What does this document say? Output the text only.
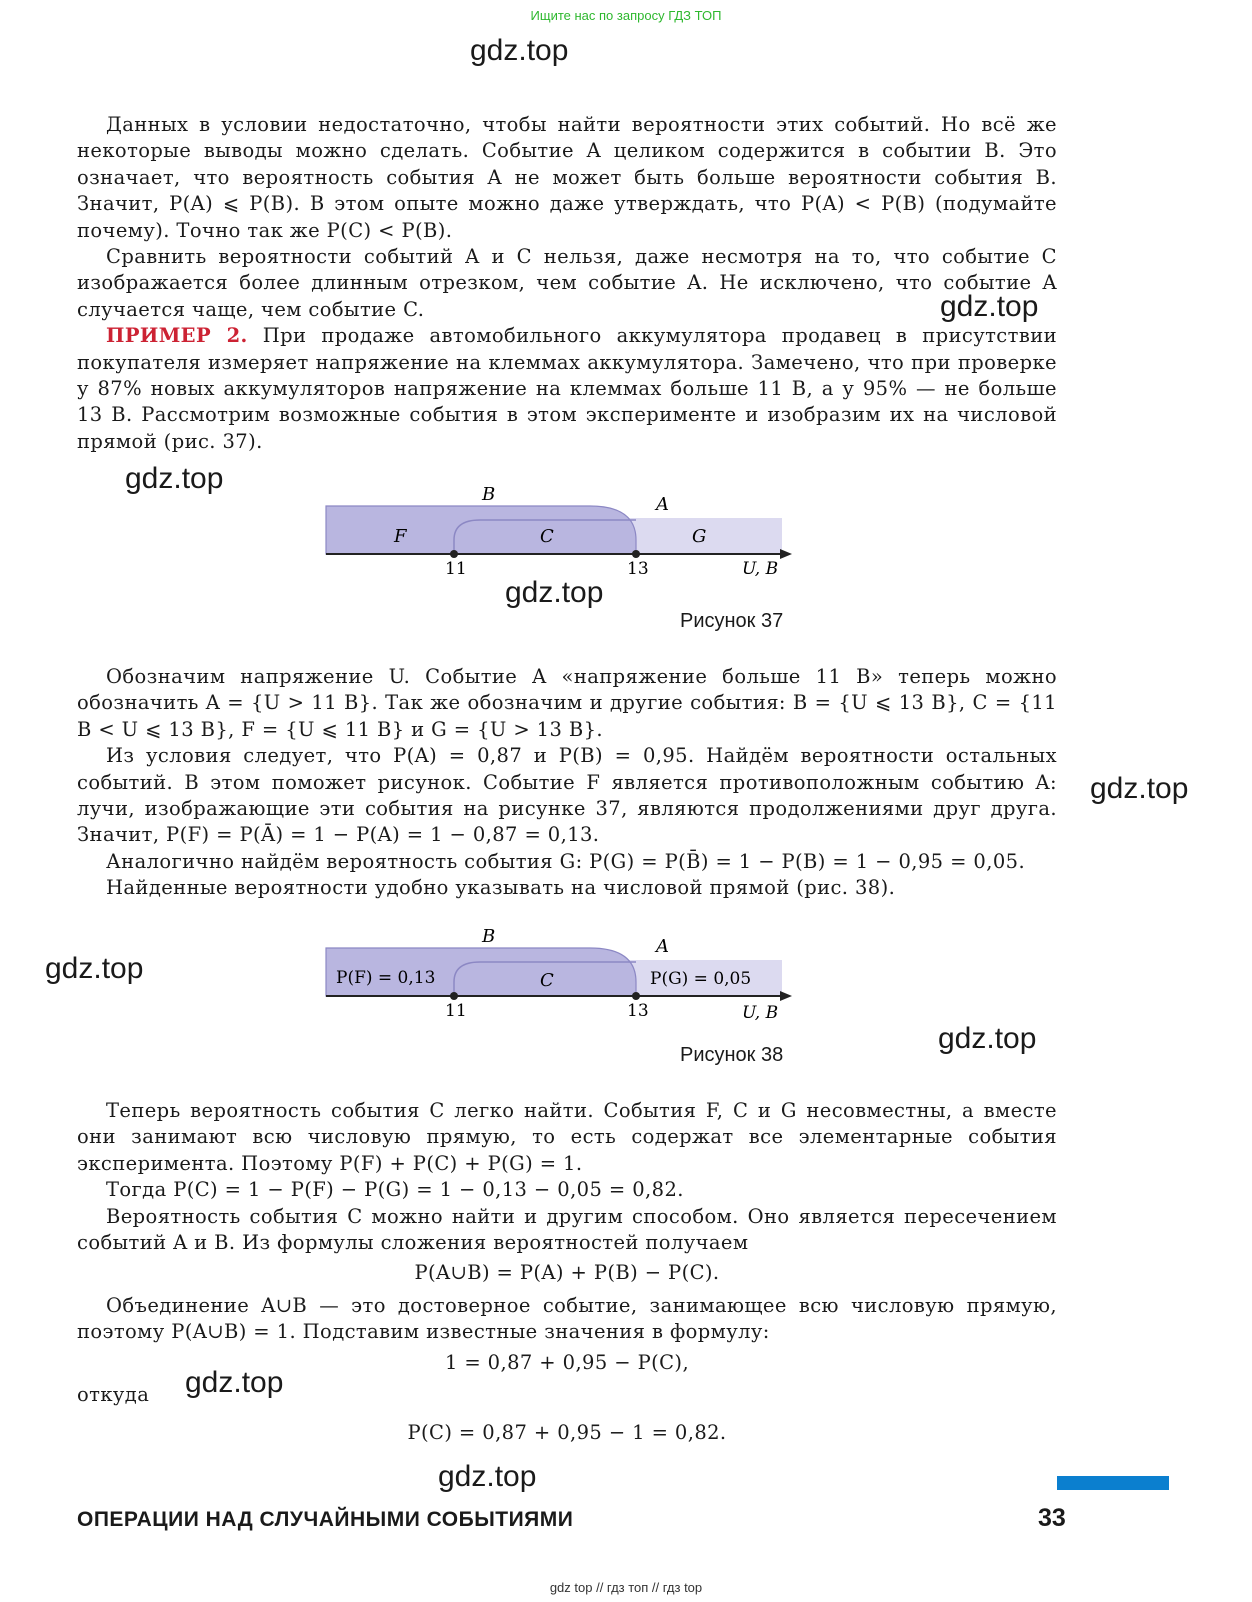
Ищите нас по запросу ГДЗ ТОП
gdz.top

Данных в условии недостаточно, чтобы найти вероятности этих событий. Но всё же некоторые выводы можно сделать. Событие A целиком содержится в событии B. Это означает, что вероятность события A не может быть больше вероятности события B. Значит, P(A) ⩽ P(B). В этом опыте можно даже утверждать, что P(A) < P(B) (подумайте почему). Точно так же P(C) < P(B).

Сравнить вероятности событий A и C нельзя, даже несмотря на то, что событие C изображается более длинным отрезком, чем событие A. Не исключено, что событие A случается чаще, чем событие C.

ПРИМЕР 2. При продаже автомобильного аккумулятора продавец в присутствии покупателя измеряет напряжение на клеммах аккумулятора. Замечено, что при проверке у 87% новых аккумуляторов напряжение на клеммах больше 11 В, а у 95% — не больше 13 В. Рассмотрим возможные события в этом эксперименте и изобразим их на числовой прямой (рис. 37).

gdz.top
gdz.top	B	A
F	C	G
11	13	U, В
gdz.top
Рисунок 37

Обозначим напряжение U. Событие A «напряжение больше 11 В» теперь можно обозначить A = {U > 11 В}. Так же обозначим и другие события: B = {U ⩽ 13 В}, C = {11 В < U ⩽ 13 В}, F = {U ⩽ 11 В} и G = {U > 13 В}.

Из условия следует, что P(A) = 0,87 и P(B) = 0,95. Найдём вероятности остальных событий. В этом поможет рисунок. Событие F является противоположным событию A: лучи, изображающие эти события на рисунке 37, являются продолжениями друг друга. Значит, P(F) = P(Ā) = 1 − P(A) = 1 − 0,87 = 0,13.

Аналогично найдём вероятность события G: P(G) = P(B̄) = 1 − P(B) = 1 − 0,95 = 0,05.

Найденные вероятности удобно указывать на числовой прямой (рис. 38).

gdz.top
B	A
P(F) = 0,13	C	P(G) = 0,05
11	13	U, В
gdz.top
gdz.top
Рисунок 38

Теперь вероятность события C легко найти. События F, C и G несовместны, а вместе они занимают всю числовую прямую, то есть содержат все элементарные события эксперимента. Поэтому P(F) + P(C) + P(G) = 1.

Тогда P(C) = 1 − P(F) − P(G) = 1 − 0,13 − 0,05 = 0,82.

Вероятность события C можно найти и другим способом. Оно является пересечением событий A и B. Из формулы сложения вероятностей получаем

P(A∪B) = P(A) + P(B) − P(C).

Объединение A∪B — это достоверное событие, занимающее всю числовую прямую, поэтому P(A∪B) = 1. Подставим известные значения в формулу:

1 = 0,87 + 0,95 − P(C),

откуда

P(C) = 0,87 + 0,95 − 1 = 0,82.

gdz.top
gdz.top
ОПЕРАЦИИ НАД СЛУЧАЙНЫМИ СОБЫТИЯМИ	33
gdz top // гдз топ // гдз top
